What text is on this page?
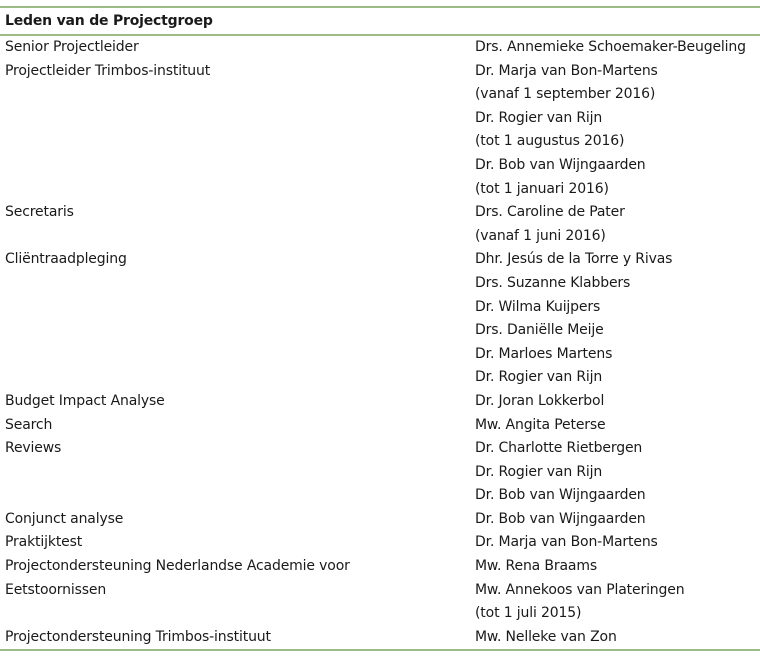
Leden van de Projectgroep
Senior Projectleider	Drs. Annemieke Schoemaker-Beugeling
Projectleider Trimbos-instituut	Dr. Marja van Bon-Martens
(vanaf 1 september 2016)
Dr. Rogier van Rijn
(tot 1 augustus 2016)
Dr. Bob van Wijngaarden
(tot 1 januari 2016)
Secretaris	Drs. Caroline de Pater
(vanaf 1 juni 2016)
Cliëntraadpleging	Dhr. Jesús de la Torre y Rivas
Drs. Suzanne Klabbers
Dr. Wilma Kuijpers
Drs. Daniëlle Meije
Dr. Marloes Martens
Dr. Rogier van Rijn
Budget Impact Analyse	Dr. Joran Lokkerbol
Search	Mw. Angita Peterse
Reviews	Dr. Charlotte Rietbergen
Dr. Rogier van Rijn
Dr. Bob van Wijngaarden
Conjunct analyse	Dr. Bob van Wijngaarden
Praktijktest	Dr. Marja van Bon-Martens
Projectondersteuning Nederlandse Academie voor	Mw. Rena Braams
Eetstoornissen	Mw. Annekoos van Plateringen
(tot 1 juli 2015)
Projectondersteuning Trimbos-instituut	Mw. Nelleke van Zon
